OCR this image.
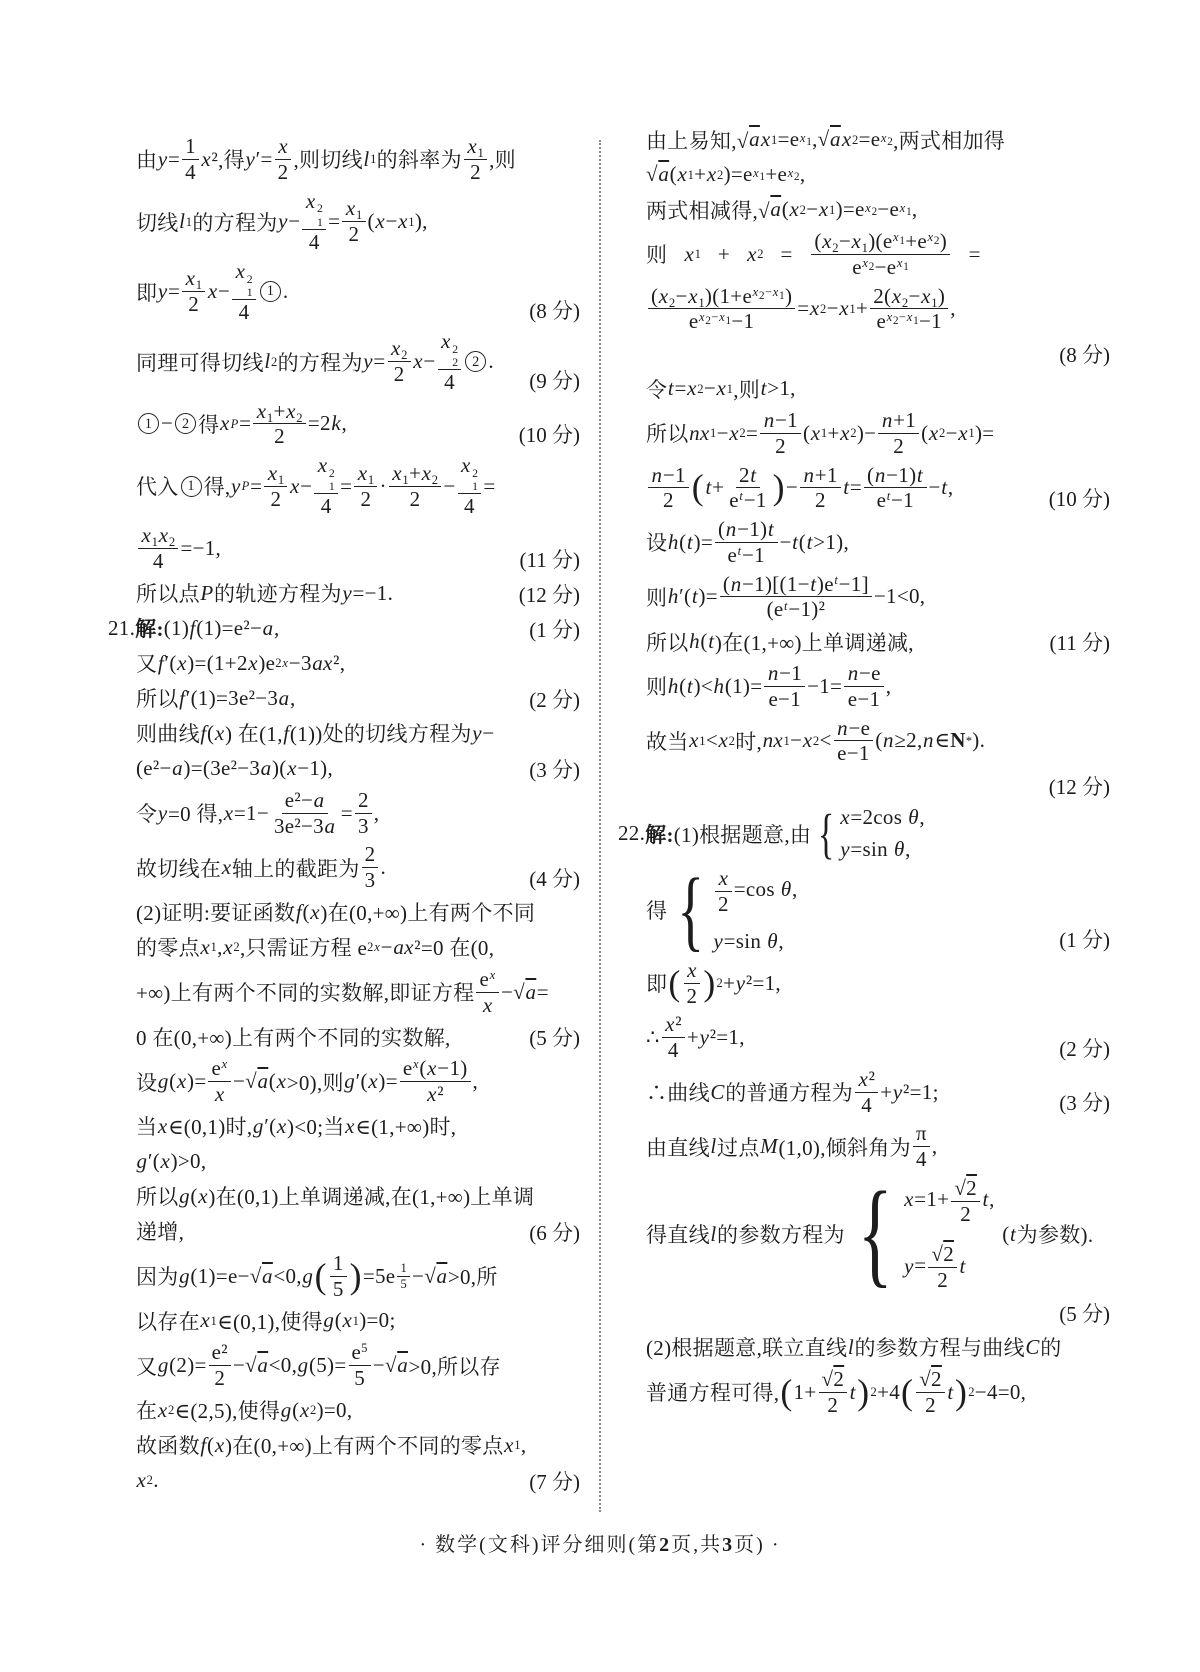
由 y =
1
4
x ²,得 y ′=
x
2 ,则切线 l 1 的斜率为
$x_1$
2 ,则
切线 l 1 的方程为 y −
x 2
1
4
=
$x_1$
2
( x − x 1 ),
即 y =
$x_1$
2
x −
x 2
1
4
1 .
(8 分)
同理可得切线 l 2 的方程为 y =
$x_2$
2
x −
x 2
2
4
2 .
(9 分)
1 − 2 得 x P =
$x_1+x_2$
2
=2 k ,	(10 分)
代入 1 得, y P =
$x_1$
2
x −
x 2
1
4
=
$x_1$
2
·
$x_1+x_2$
2
−
x 2
1
4
=
$x_1x_2$
4
=−1,	(11 分)
所以点 P 的轨迹方程为 y =−1.	(12 分)
21. 解: (1) f (1)=e²− a ,	(1 分)
又 f ′( x )=(1+2 x )e 2x −3 ax ²,
所以 f ′(1)=3e²−3 a ,	(2 分)
则曲线 f ( x ) 在(1, f (1))处的切线方程为 y −
(e²− a )=(3e²−3 a )( x −1),	(3 分)
令 y =0 得, x =1−
e²−a
3e²−3a
=
2
3
,
故切线在 x 轴上的截距为
2
3
.	(4 分)
(2)证明:要证函数 f ( x )在(0,+∞)上有两个不同
的零点 x 1 , x 2 ,只需证方程 e 2x − ax ²=0 在(0,
+∞)上有两个不同的实数解,即证方程
$e^x$
x
−√ a =
0 在(0,+∞)上有两个不同的实数解,	(5 分)
设 g ( x )=
$e^x$
x
−√ a ( x >0),则 g ′( x )=
$e^x(x-1)$
x²
,
当 x ∈(0,1)时, g ′( x )<0;当 x ∈(1,+∞)时,
g ′( x )>0,
所以 g ( x )在(0,1)上单调递减,在(1,+∞)上单调
递增,	(6 分)
因为 g (1)=e−√ a <0, g ( 1
5 ) $=5e \frac{1}{5}$ −√ a >0,所
以存在 x 1 ∈(0,1),使得 g ( x 1 )=0;
又 g (2)=
e²
2
−√ a <0, g (5)=
$e^5$
5
−√ a >0,所以存
在 x 2 ∈(2,5),使得 g ( x 2 )=0,
故函数 f ( x )在(0,+∞)上有两个不同的零点 x 1 ,
x 2 .	(7 分)
由上易知,√ a x 1 =e $x_1$ ,√ a x 2 =e $x_2$ ,两式相加得
√ a ( x 1 + x 2 )=e $x_1 +e$ $x_2$ ,
两式相减得,√ a ( x 2 − x 1 )=e $x_2 -e$ $x_1$ ,
则 x 1 + x 2 =
$(x_2-x_1)(e^{x_1}+e^{x_2})$
$e^{x_2}-e^{x_1}$
=
$(x_2-x_1)(1+e^{x_2-x_1})$
$e^{x_2-x_1}-1$
= x 2 − x 1 +
$2(x_2-x_1)$
$e^{x_2-x_1}-1$
,
(8 分)
令 t = x 2 − x 1 ,则 t >1,
所以 nx 1 − x 2 =
n−1
2
( x 1 + x 2 )−
n+1
2
( x 2 − x 1 )=
n−1
2 ( t +
2t
$e^t-1$ ) −
n+1
2
t =
(n−1)t
$e^t-1$
− t ,	(10 分)
设 h ( t )=
(n−1)t
$e^t-1$
− t ( t >1),
则 h ′( t )=
$(n-1)[(1-t)e^t-1]$
$(e^t-1)^2$
−1<0,
所以 h ( t )在(1,+∞)上单调递减,	(11 分)
则 h ( t )< h (1)=
n−1
e−1
−1=
n−e
e−1
,
故当 x 1 < x 2 时, nx 1 − x 2 <
n−e
e−1
( n ≥2, n ∈ N * ).
(12 分)
22. 解: (1)根据题意,由 { x=2cos θ,
y=sin θ,
得 { $\frac{x}{2} =\cos$ θ,
y=sin θ,	(1 分)
即 ( x
2 ) 2 + y ²=1,
∴
x²
4
+ y ²=1,	(2 分)
∴曲线 C 的普通方程为
x²
4
+ y ²=1;	(3 分)
由直线 l 过点 M (1,0),倾斜角为
π
4
,
得直线 l 的参数方程为 { $x=1+ \frac{√2}{2} t$,
$y= \frac{√2}{2}$ t
( t 为参数).
(5 分)
(2)根据题意,联立直线 l 的参数方程与曲线 C 的
普通方程可得, ( 1+
√2
2
t ) 2 +4 ( √2
2
t ) 2 −4=0,
· 数学(文科)评分细则(第2页,共3页) ·
